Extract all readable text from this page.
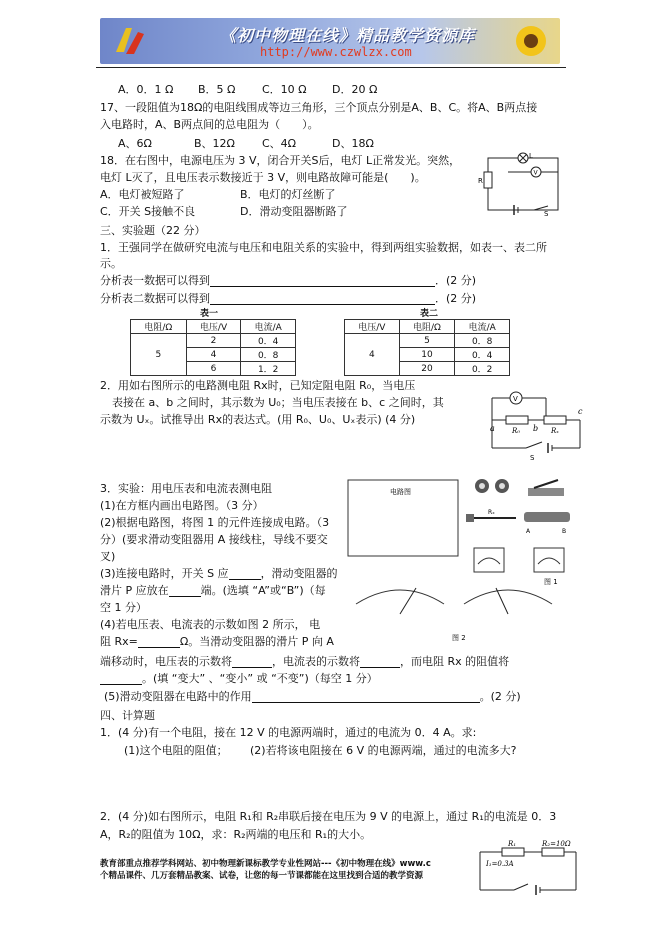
《初中物理在线》精品教学资源库
http://www.czwlzx.com
A．0．1 Ω B．5 Ω C．10 Ω D．20 Ω
17、一段阻值为18Ω的电阻线围成等边三角形，三个顶点分别是A、B、C。将A、B两点接
入电路时，A、B两点间的总电阻为（　　）。
A、6Ω	B、12Ω C、4Ω	D、18Ω
18．在右图中，电源电压为 3 V，闭合开关S后，电灯 L正常发光。突然，
电灯 L灭了，且电压表示数接近于 3 V，则电路故障可能是(　　)。
A．电灯被短路了	B．电灯的灯丝断了
C．开关 S接触不良	D．滑动变阻器断路了
L
V
R
S
三、实验题（22 分）
1．王强同学在做研究电流与电压和电阻关系的实验中，得到两组实验数据，如表一、表二所
示。
分析表一数据可以得到	．(2 分)
分析表二数据可以得到	．(2 分)
表一
电阻/Ω	电压/V	电流/A
5	2	0．4
	4	0．8
	6	1．2
表二
电压/V	电阻/Ω	电流/A
4	5	0．8
	10	0．4
	20	0．2
2．用如右图所示的电路测电阻 Rx时，已知定阻电阻 R₀，当电压
表接在 a、b 之间时，其示数为 U₀；当电压表接在 b、c 之间时，其
示数为 Uₓ。试推导出 Rx的表达式。(用 R₀、U₀、Uₓ表示) (4 分)
V
a R₀ b Rₓ
c
S
3．实验：用电压表和电流表测电阻
(1)在方框内画出电路图。（3 分）
(2)根据电路图，将图 1 的元件连接成电路。（3
分）(要求滑动变阻器用 A 接线柱，导线不要交
叉)
(3)连接电路时，开关 S 应	，滑动变阻器的
滑片 P 应放在	端。(选填 “A”或“B”)（每
空 1 分）
(4)若电压表、电流表的示数如图 2 所示， 电
阻 Rx=	Ω。当滑动变阻器的滑片 P 向 A
端移动时，电压表的示数将	，电流表的示数将	，而电阻 Rx 的阻值将
。(填 “变大” 、“变小” 或 “不变”)（每空 1 分）
(5)滑动变阻器在电路中的作用	。(2 分)
电路图
Rₓ
A	B
图 1
图 2
四、计算题
1．(4 分)有一个电阻，接在 12 V 的电源两端时，通过的电流为 0．4 A。求:
(1)这个电阻的阻值； (2)若将该电阻接在 6 V 的电源两端，通过的电流多大?
2．(4 分)如右图所示，电阻 R₁和 R₂串联后接在电压为 9 V 的电源上，通过 R₁的电流是 0．3
A，R₂的阻值为 10Ω，求：R₂两端的电压和 R₁的大小。
R₁	R₂=10Ω
I₁=0.3A
教育部重点推荐学科网站、初中物理新课标教学专业性网站---《初中物理在线》www.c
个精品课件、几万套精品教案、试卷，让您的每一节课都能在这里找到合适的教学资源
